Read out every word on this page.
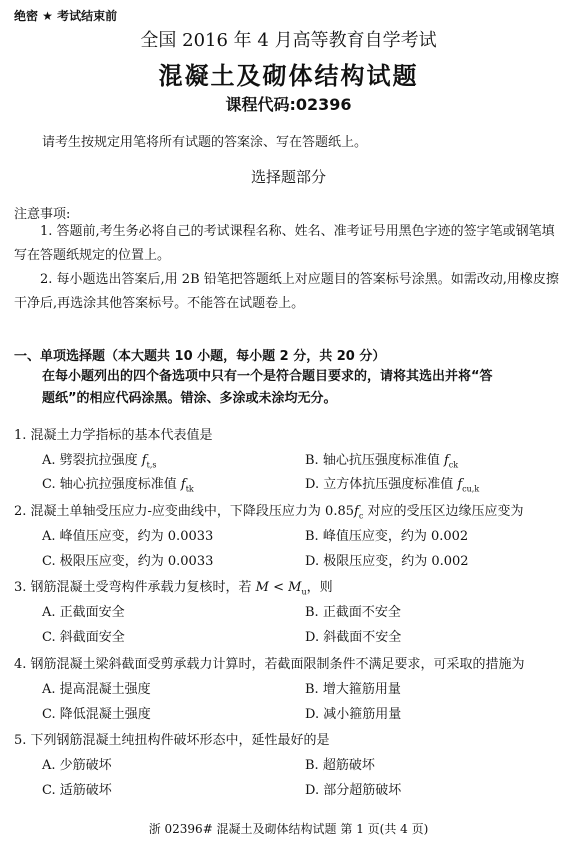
绝密 ★ 考试结束前
全国 2016 年 4 月高等教育自学考试
混凝土及砌体结构试题
课程代码:02396
请考生按规定用笔将所有试题的答案涂、写在答题纸上。
选择题部分
注意事项:
1. 答题前,考生务必将自己的考试课程名称、姓名、准考证号用黑色字迹的签字笔或钢笔填写在答题纸规定的位置上。
2. 每小题选出答案后,用 2B 铅笔把答题纸上对应题目的答案标号涂黑。如需改动,用橡皮擦干净后,再选涂其他答案标号。不能答在试题卷上。
一、单项选择题（本大题共 10 小题，每小题 2 分，共 20 分）
在每小题列出的四个备选项中只有一个是符合题目要求的，请将其选出并将“答
题纸”的相应代码涂黑。错涂、多涂或未涂均无分。
1. 混凝土力学指标的基本代表值是
A. 劈裂抗拉强度 $f_{t,s}$	B. 轴心抗压强度标准值 $f_{ck}$
C. 轴心抗拉强度标准值 $f_{tk}$	D. 立方体抗压强度标准值 $f_{cu,k}$
2. 混凝土单轴受压应力-应变曲线中，下降段压应力为 $0.85f_c$ 对应的受压区边缘压应变为
A. 峰值压应变，约为 0.0033	B. 峰值压应变，约为 0.002
C. 极限压应变，约为 0.0033	D. 极限压应变，约为 0.002
3. 钢筋混凝土受弯构件承载力复核时，若 $M < M_u$，则
A. 正截面安全	B. 正截面不安全
C. 斜截面安全	D. 斜截面不安全
4. 钢筋混凝土梁斜截面受剪承载力计算时，若截面限制条件不满足要求，可采取的措施为
A. 提高混凝土强度	B. 增大箍筋用量
C. 降低混凝土强度	D. 减小箍筋用量
5. 下列钢筋混凝土纯扭构件破坏形态中，延性最好的是
A. 少筋破坏	B. 超筋破坏
C. 适筋破坏	D. 部分超筋破坏
浙 02396# 混凝土及砌体结构试题 第 1 页(共 4 页)
